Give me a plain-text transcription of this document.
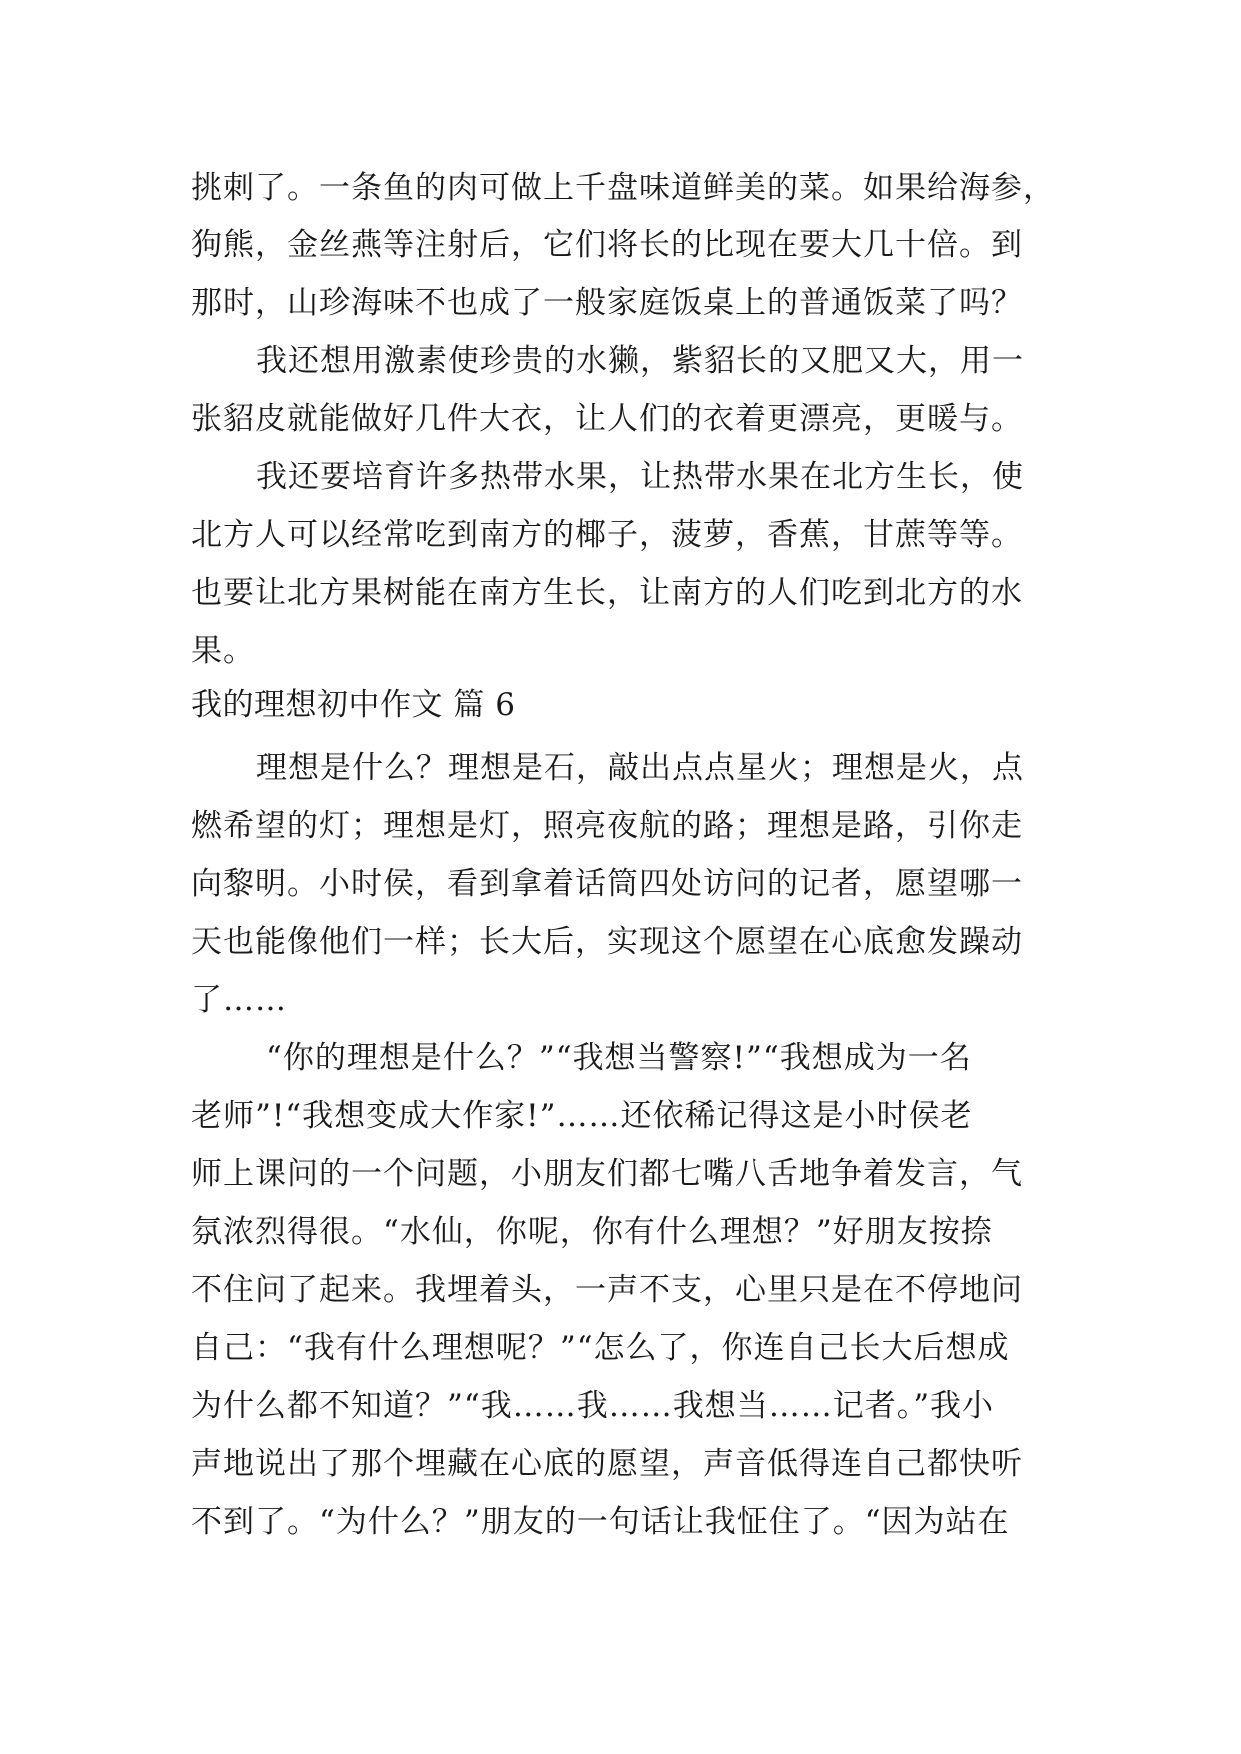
挑刺了。一条鱼的肉可做上千盘味道鲜美的菜。如果给海参，
狗熊，金丝燕等注射后，它们将长的比现在要大几十倍。到
那时，山珍海味不也成了一般家庭饭桌上的普通饭菜了吗？
我还想用激素使珍贵的水獭，紫貂长的又肥又大，用一
张貂皮就能做好几件大衣，让人们的衣着更漂亮，更暖与。
我还要培育许多热带水果，让热带水果在北方生长，使
北方人可以经常吃到南方的椰子，菠萝，香蕉，甘蔗等等。
也要让北方果树能在南方生长，让南方的人们吃到北方的水
果。
我的理想初中作文 篇 6
理想是什么？理想是石，敲出点点星火；理想是火，点
燃希望的灯；理想是灯，照亮夜航的路；理想是路，引你走
向黎明。小时侯，看到拿着话筒四处访问的记者，愿望哪一
天也能像他们一样；长大后，实现这个愿望在心底愈发躁动
了……
“你的理想是什么？”“我想当警察!”“我想成为一名
老师”!“我想变成大作家!”……还依稀记得这是小时侯老
师上课问的一个问题，小朋友们都七嘴八舌地争着发言，气
氛浓烈得很。“水仙，你呢，你有什么理想？”好朋友按捺
不住问了起来。我埋着头，一声不支，心里只是在不停地问
自己：“我有什么理想呢？”“怎么了，你连自己长大后想成
为什么都不知道？”“我……我……我想当……记者。”我小
声地说出了那个埋藏在心底的愿望，声音低得连自己都快听
不到了。“为什么？”朋友的一句话让我怔住了。“因为站在
